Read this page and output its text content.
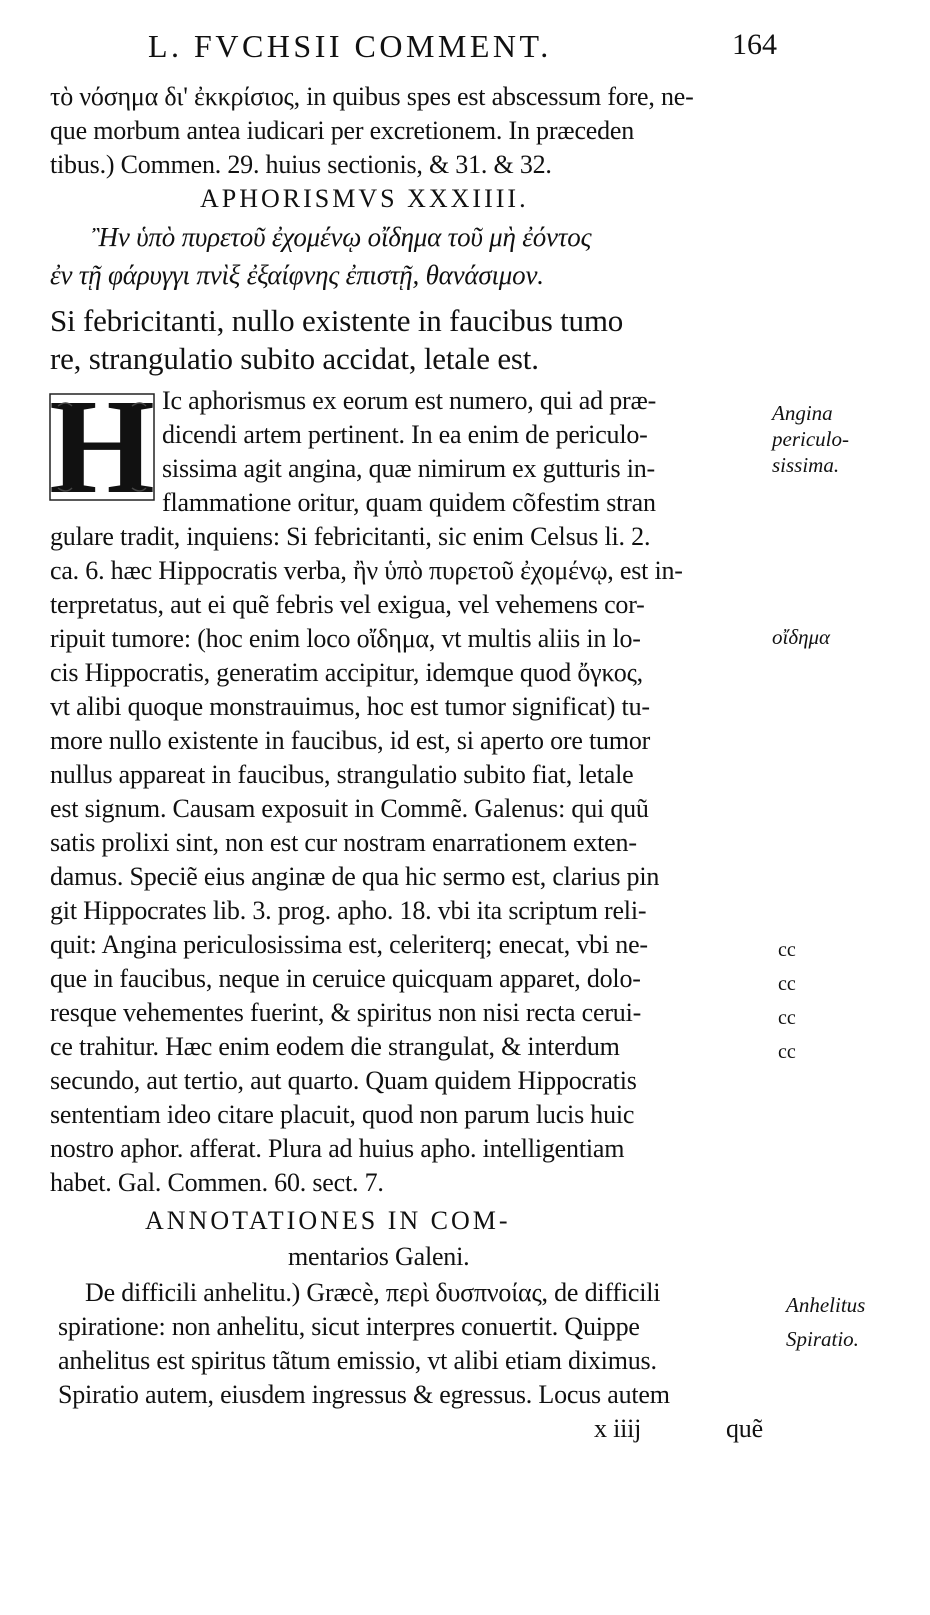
L. FVCHSII COMMENT.	164
τὸ νόσημα δι' ἐκκρίσιος, in quibus spes est abscessum fore, ne-
que morbum antea iudicari per excretionem. In præceden
tibus.) Commen. 29. huius sectionis, & 31. & 32.
APHORISMVS XXXIIII.
Ἢν ὑπὸ πυρετοῦ ἐχομένῳ οἴδημα τοῦ μὴ ἐόντος
ἐν τῇ φάρυγγι πνὶξ ἐξαίφνης ἐπιστῇ, θανάσιμον.
Si febricitanti, nullo existente in faucibus tumo
re, strangulatio subito accidat, letale est.
H Ic aphorismus ex eorum est numero, qui ad præ-
dicendi artem pertinent. In ea enim de periculo-
sissima agit angina, quæ nimirum ex gutturis in-
flammatione oritur, quam quidem cõfestim stran
gulare tradit, inquiens: Si febricitanti, sic enim Celsus li. 2.
ca. 6. hæc Hippocratis verba, ἢν ὑπὸ πυρετοῦ ἐχομένῳ, est in-
terpretatus, aut ei quẽ febris vel exigua, vel vehemens cor-
ripuit tumore: (hoc enim loco οἴδημα, vt multis aliis in lo-
cis Hippocratis, generatim accipitur, idemque quod ὄγκος,
vt alibi quoque monstrauimus, hoc est tumor significat) tu-
more nullo existente in faucibus, id est, si aperto ore tumor
nullus appareat in faucibus, strangulatio subito fiat, letale
est signum. Causam exposuit in Commẽ. Galenus: qui quũ
satis prolixi sint, non est cur nostram enarrationem exten-
damus. Speciẽ eius anginæ de qua hic sermo est, clarius pin
git Hippocrates lib. 3. prog. apho. 18. vbi ita scriptum reli-
quit: Angina periculosissima est, celeriterq; enecat, vbi ne-
que in faucibus, neque in ceruice quicquam apparet, dolo-
resque vehementes fuerint, & spiritus non nisi recta cerui-
ce trahitur. Hæc enim eodem die strangulat, & interdum
secundo, aut tertio, aut quarto. Quam quidem Hippocratis
sententiam ideo citare placuit, quod non parum lucis huic
nostro aphor. afferat. Plura ad huius apho. intelligentiam
habet. Gal. Commen. 60. sect. 7.
ANNOTATIONES IN COM-
mentarios Galeni.
De difficili anhelitu.) Græcè, περὶ δυσπνοίας, de difficili
spiratione: non anhelitu, sicut interpres conuertit. Quippe
anhelitus est spiritus tãtum emissio, vt alibi etiam diximus.
Spiratio autem, eiusdem ingressus & egressus. Locus autem
x iiij	quẽ
Angina
periculo-
sissima.
οἴδημα
Anhelitus
Spiratio.
cc
cc
cc
cc
